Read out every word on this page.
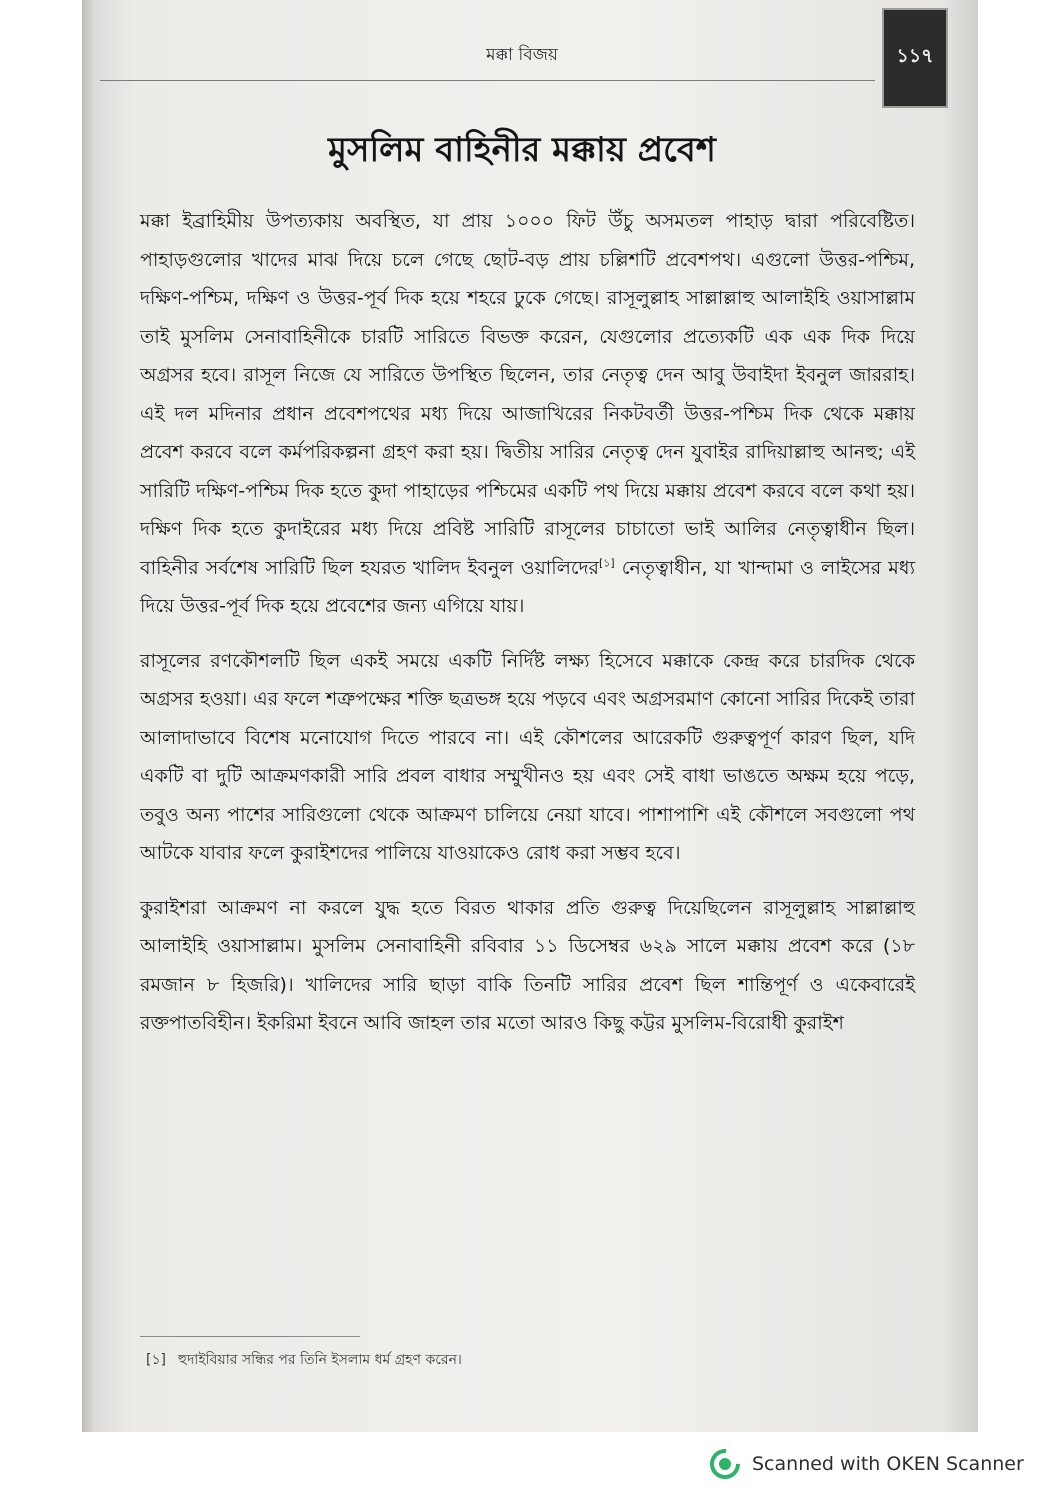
মক্কা বিজয়	১১৭
মুসলিম বাহিনীর মক্কায় প্রবেশ

মক্কা ইব্রাহিমীয় উপত্যকায় অবস্থিত, যা প্রায় ১০০০ ফিট উঁচু অসমতল পাহাড় দ্বারা পরিবেষ্টিত। পাহাড়গুলোর খাদের মাঝ দিয়ে চলে গেছে ছোট-বড় প্রায় চল্লিশটি প্রবেশপথ। এগুলো উত্তর-পশ্চিম, দক্ষিণ-পশ্চিম, দক্ষিণ ও উত্তর-পূর্ব দিক হয়ে শহরে ঢুকে গেছে। রাসূলুল্লাহ সাল্লাল্লাহু আলাইহি ওয়াসাল্লাম তাই মুসলিম সেনাবাহিনীকে চারটি সারিতে বিভক্ত করেন, যেগুলোর প্রত্যেকটি এক এক দিক দিয়ে অগ্রসর হবে। রাসূল নিজে যে সারিতে উপস্থিত ছিলেন, তার নেতৃত্ব দেন আবু উবাইদা ইবনুল জাররাহ। এই দল মদিনার প্রধান প্রবেশপথের মধ্য দিয়ে আজাখিরের নিকটবর্তী উত্তর-পশ্চিম দিক থেকে মক্কায় প্রবেশ করবে বলে কর্মপরিকল্পনা গ্রহণ করা হয়। দ্বিতীয় সারির নেতৃত্ব দেন যুবাইর রাদিয়াল্লাহু আনহু; এই সারিটি দক্ষিণ-পশ্চিম দিক হতে কুদা পাহাড়ের পশ্চিমের একটি পথ দিয়ে মক্কায় প্রবেশ করবে বলে কথা হয়। দক্ষিণ দিক হতে কুদাইরের মধ্য দিয়ে প্রবিষ্ট সারিটি রাসূলের চাচাতো ভাই আলির নেতৃত্বাধীন ছিল। বাহিনীর সর্বশেষ সারিটি ছিল হযরত খালিদ ইবনুল ওয়ালিদের[১] নেতৃত্বাধীন, যা খান্দামা ও লাইসের মধ্য দিয়ে উত্তর-পূর্ব দিক হয়ে প্রবেশের জন্য এগিয়ে যায়।

রাসূলের রণকৌশলটি ছিল একই সময়ে একটি নির্দিষ্ট লক্ষ্য হিসেবে মক্কাকে কেন্দ্র করে চারদিক থেকে অগ্রসর হওয়া। এর ফলে শত্রুপক্ষের শক্তি ছত্রভঙ্গ হয়ে পড়বে এবং অগ্রসরমাণ কোনো সারির দিকেই তারা আলাদাভাবে বিশেষ মনোযোগ দিতে পারবে না। এই কৌশলের আরেকটি গুরুত্বপূর্ণ কারণ ছিল, যদি একটি বা দুটি আক্রমণকারী সারি প্রবল বাধার সম্মুখীনও হয় এবং সেই বাধা ভাঙতে অক্ষম হয়ে পড়ে, তবুও অন্য পাশের সারিগুলো থেকে আক্রমণ চালিয়ে নেয়া যাবে। পাশাপাশি এই কৌশলে সবগুলো পথ আটকে যাবার ফলে কুরাইশদের পালিয়ে যাওয়াকেও রোধ করা সম্ভব হবে।

কুরাইশরা আক্রমণ না করলে যুদ্ধ হতে বিরত থাকার প্রতি গুরুত্ব দিয়েছিলেন রাসূলুল্লাহ সাল্লাল্লাহু আলাইহি ওয়াসাল্লাম। মুসলিম সেনাবাহিনী রবিবার ১১ ডিসেম্বর ৬২৯ সালে মক্কায় প্রবেশ করে (১৮ রমজান ৮ হিজরি)। খালিদের সারি ছাড়া বাকি তিনটি সারির প্রবেশ ছিল শান্তিপূর্ণ ও একেবারেই রক্তপাতবিহীন। ইকরিমা ইবনে আবি জাহল তার মতো আরও কিছু কট্টর মুসলিম-বিরোধী কুরাইশ

[১] হুদাইবিয়ার সন্ধির পর তিনি ইসলাম ধর্ম গ্রহণ করেন।
Scanned with OKEN Scanner
